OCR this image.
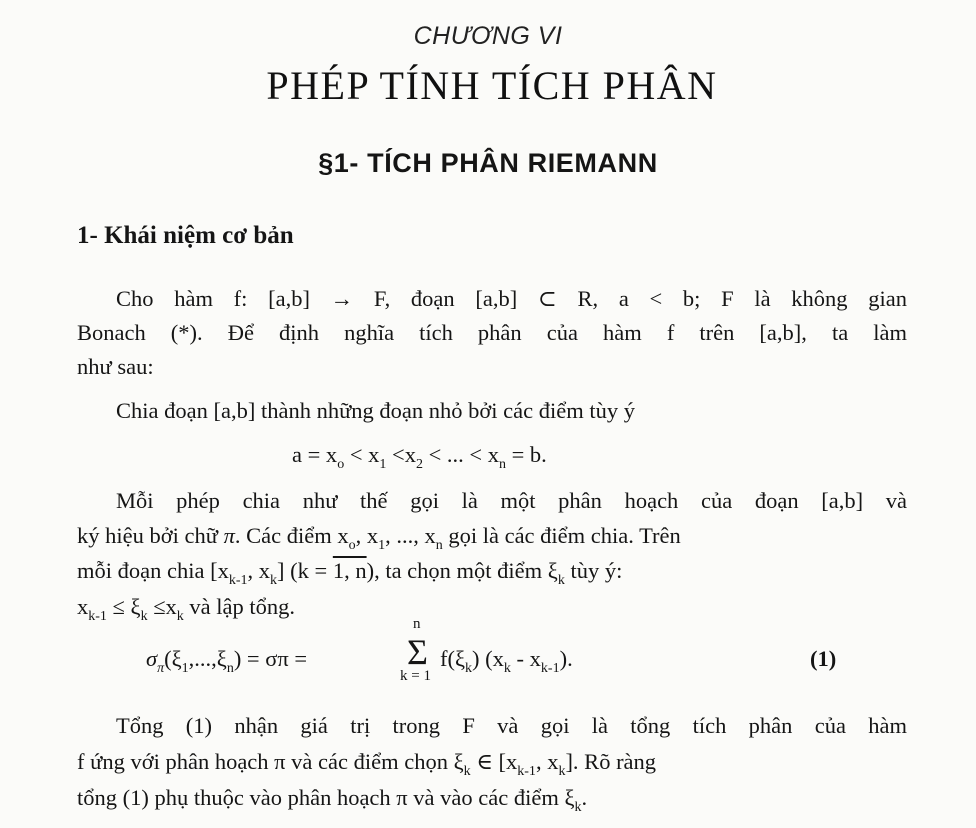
CHƯƠNG VI
PHÉP TÍNH TÍCH PHÂN
§1- TÍCH PHÂN RIEMANN
1- Khái niệm cơ bản
Cho hàm f: [a,b] → F, đoạn [a,b] ⊂ R, a < b; F là không gian
Bonach (*). Để định nghĩa tích phân của hàm f trên [a,b], ta làm
như sau:
Chia đoạn [a,b] thành những đoạn nhỏ bởi các điểm tùy ý
$a = x_o < x_1 <x_2$ < ... < $x_n = b$.
Mỗi phép chia như thế gọi là một phân hoạch của đoạn [a,b] và
ký hiệu bởi chữ π. Các điểm $x_o$, $x_1$, ..., $x_n$ gọi là các điểm chia. Trên
mỗi đoạn chia [$x_{k-1}$, $x_k$] (k = 1, n), ta chọn một điểm $\xi_k$ tùy ý:
$x_{k-1} \le \xi_k \le x_k$ và lập tổng.
$\sigma_\pi(\xi_1,...,\xi_n) = \sigma\pi$ =
n
Σ
k = 1
$f(\xi_k)$ $(x_k - x_{k-1})$.	(1)
Tổng (1) nhận giá trị trong F và gọi là tổng tích phân của hàm
f ứng với phân hoạch π và các điểm chọn $\xi_k$ ∈ [$x_{k-1}$, $x_k$]. Rõ ràng
tổng (1) phụ thuộc vào phân hoạch π và vào các điểm $\xi_k$.
